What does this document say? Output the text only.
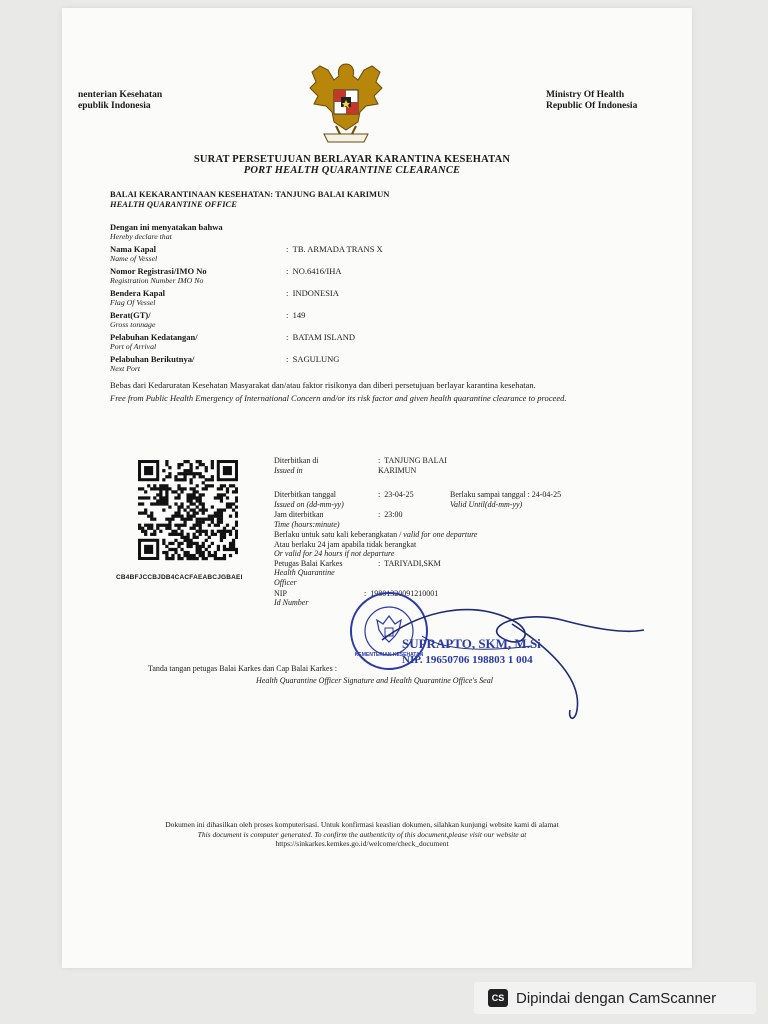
nenterian Kesehatan
epublik Indonesia
Ministry Of Health
Republic Of Indonesia
SURAT PERSETUJUAN BERLAYAR KARANTINA KESEHATAN
PORT HEALTH QUARANTINE CLEARANCE
BALAI KEKARANTINAAN KESEHATAN: TANJUNG BALAI KARIMUN
HEALTH QUARANTINE OFFICE
Dengan ini menyatakan bahwa
Hereby declare that
Nama Kapal
Name of Vessel
:  TB. ARMADA TRANS X
Nomor Registrasi/IMO No
Registration Number IMO No
:  NO.6416/IHA
Bendera Kapal
Flag Of Vessel
:  INDONESIA
Berat(GT)/
Gross tonnage
:  149
Pelabuhan Kedatangan/
Port of Arrival
:  BATAM ISLAND
Pelabuhan Berikutnya/
Next Port
:  SAGULUNG
Bebas dari Kedaruratan Kesehatan Masyarakat dan/atau faktor risikonya dan diberi persetujuan berlayar karantina kesehatan.
Free from Public Health Emergency of International Concern and/or its risk factor and given health quarantine clearance to proceed.
CB4BFJCCBJDB4CACFAEABCJGBAEI
Diterbitkan di
Issued in
:  TANJUNG BALAI KARIMUN
Diterbitkan tanggal
Issued on (dd-mm-yy)
:  23-04-25	Berlaku sampai tanggal : 24-04-25
Valid Until(dd-mm-yy)
Jam diterbitkan
Time (hours:minute)
:  23:00
Berlaku untuk satu kali keberangkatan / valid for one departure
Atau berlaku 24 jam apabila tidak berangkat
Or valid for 24 hours if not departure
Petugas Balai Karkes
Health Quarantine
Officer
:  TARIYADI,SKM
NIP
Id Number
:  19801320091210001
KEMENTERIAN KESEHATAN
SUPRAPTO, SKM, M.Si
NIP. 19650706 198803 1 004
Tanda tangan petugas Balai Karkes dan Cap Balai Karkes :
Health Quarantine Officer Signature and Health Quarantine Office's Seal
Dokumen ini dihasilkan oleh proses komputerisasi. Untuk konfirmasi keaslian dokumen, silahkan kunjungi website kami di alamat
This document is computer generated. To confirm the authenticity of this document,please visit our website at
https://sinkarkes.kemkes.go.id/welcome/check_document
CS Dipindai dengan CamScanner
